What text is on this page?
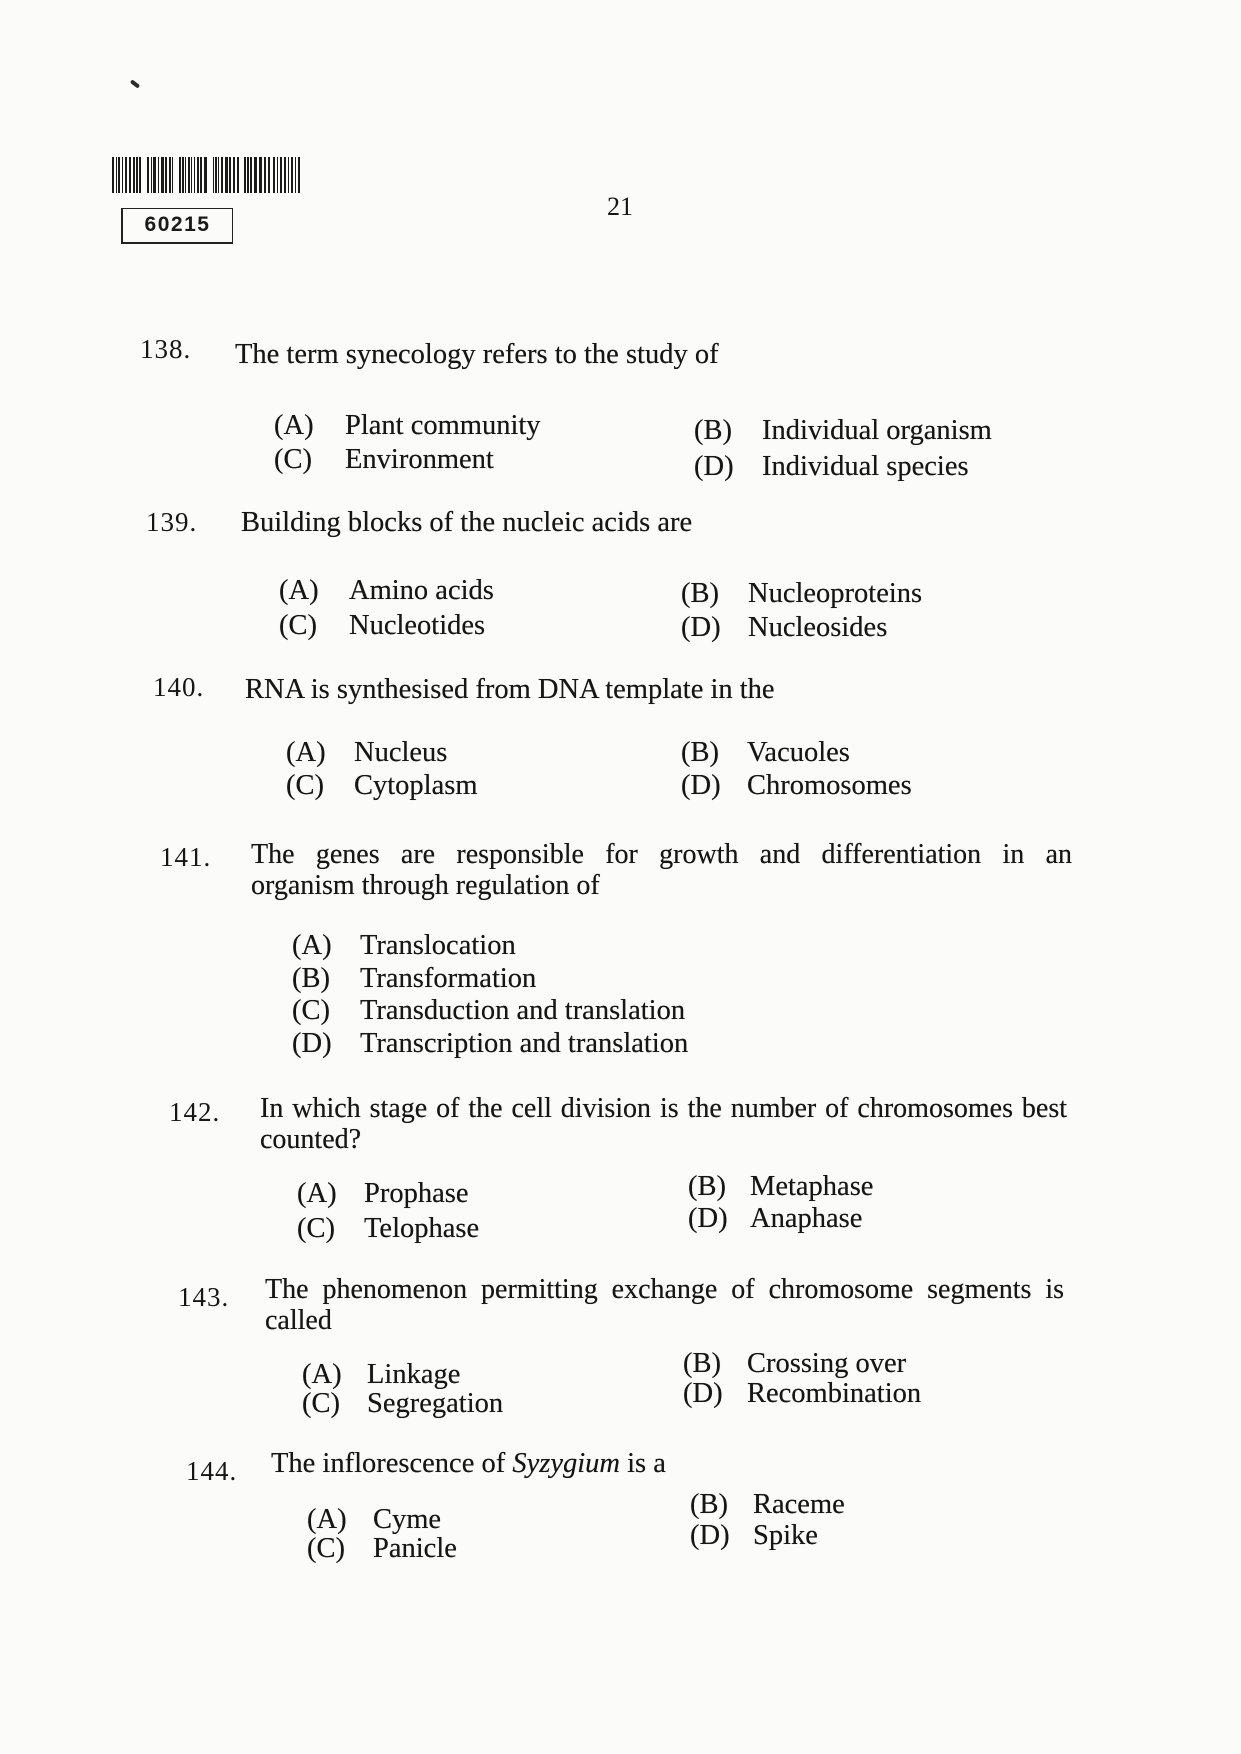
60215
21
138. The term synecology refers to the study of
(A) Plant community
(C) Environment
(B) Individual organism
(D) Individual species
139. Building blocks of the nucleic acids are
(A) Amino acids
(C) Nucleotides
(B) Nucleoproteins
(D) Nucleosides
140. RNA is synthesised from DNA template in the
(A) Nucleus
(C) Cytoplasm
(B) Vacuoles
(D) Chromosomes
141. The genes are responsible for growth and differentiation in an
organism through regulation of
(A) Translocation
(B) Transformation
(C) Transduction and translation
(D) Transcription and translation
142. In which stage of the cell division is the number of chromosomes best
counted?
(A) Prophase
(C) Telophase
(B) Metaphase
(D) Anaphase
143. The phenomenon permitting exchange of chromosome segments is
called
(A) Linkage
(C) Segregation
(B) Crossing over
(D) Recombination
144. The inflorescence of Syzygium is a
(A) Cyme
(C) Panicle
(B) Raceme
(D) Spike
